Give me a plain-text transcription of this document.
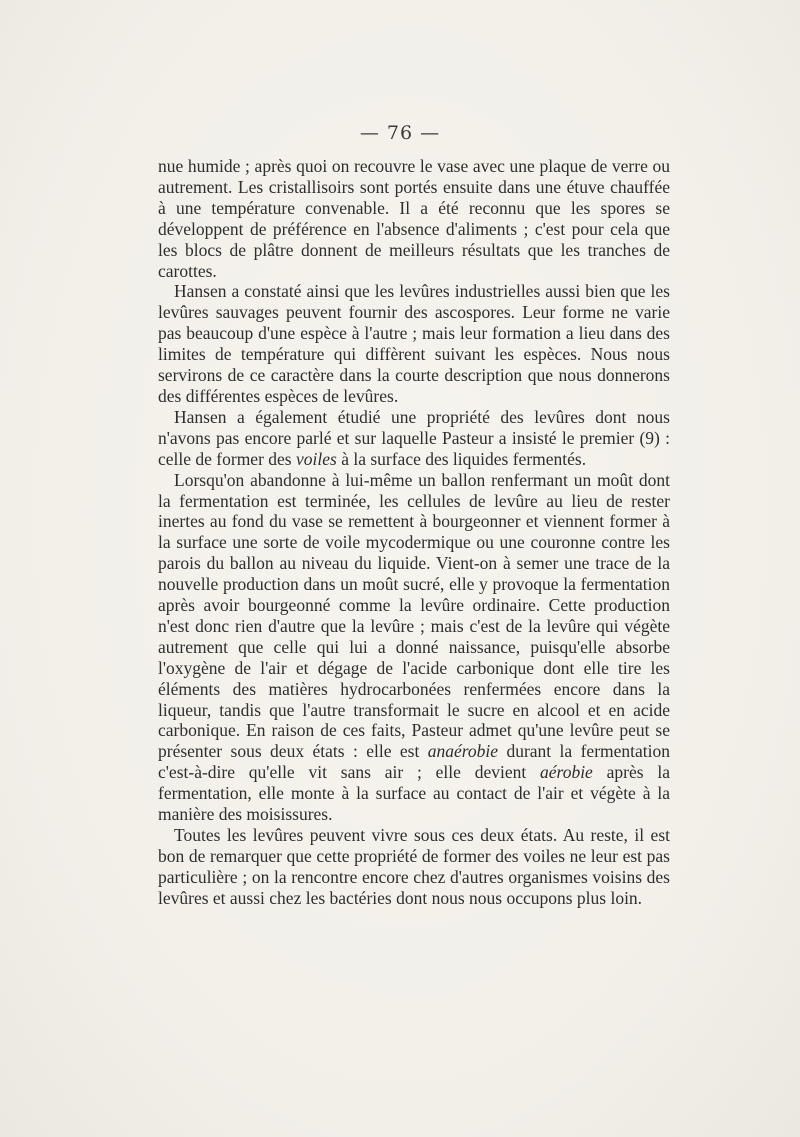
— 76 —

nue humide ; après quoi on recouvre le vase avec une plaque de verre ou autrement. Les cristallisoirs sont portés ensuite dans une étuve chauffée à une température convenable. Il a été reconnu que les spores se développent de préférence en l'absence d'aliments ; c'est pour cela que les blocs de plâtre donnent de meilleurs résultats que les tranches de carottes.

Hansen a constaté ainsi que les levûres industrielles aussi bien que les levûres sauvages peuvent fournir des ascospores. Leur forme ne varie pas beaucoup d'une espèce à l'autre ; mais leur formation a lieu dans des limites de température qui diffèrent suivant les espèces. Nous nous servirons de ce caractère dans la courte description que nous donnerons des différentes espèces de levûres.

Hansen a également étudié une propriété des levûres dont nous n'avons pas encore parlé et sur laquelle Pasteur a insisté le premier (9) : celle de former des voiles à la surface des liquides fermentés.

Lorsqu'on abandonne à lui-même un ballon renfermant un moût dont la fermentation est terminée, les cellules de levûre au lieu de rester inertes au fond du vase se remettent à bourgeonner et viennent former à la surface une sorte de voile mycodermique ou une couronne contre les parois du ballon au niveau du liquide. Vient-on à semer une trace de la nouvelle production dans un moût sucré, elle y provoque la fermentation après avoir bourgeonné comme la levûre ordinaire. Cette production n'est donc rien d'autre que la levûre ; mais c'est de la levûre qui végète autrement que celle qui lui a donné naissance, puisqu'elle absorbe l'oxygène de l'air et dégage de l'acide carbonique dont elle tire les éléments des matières hydrocarbonées renfermées encore dans la liqueur, tandis que l'autre transformait le sucre en alcool et en acide carbonique. En raison de ces faits, Pasteur admet qu'une levûre peut se présenter sous deux états : elle est anaérobie durant la fermentation c'est-à-dire qu'elle vit sans air ; elle devient aérobie après la fermentation, elle monte à la surface au contact de l'air et végète à la manière des moisissures.

Toutes les levûres peuvent vivre sous ces deux états. Au reste, il est bon de remarquer que cette propriété de former des voiles ne leur est pas particulière ; on la rencontre encore chez d'autres organismes voisins des levûres et aussi chez les bactéries dont nous nous occupons plus loin.
